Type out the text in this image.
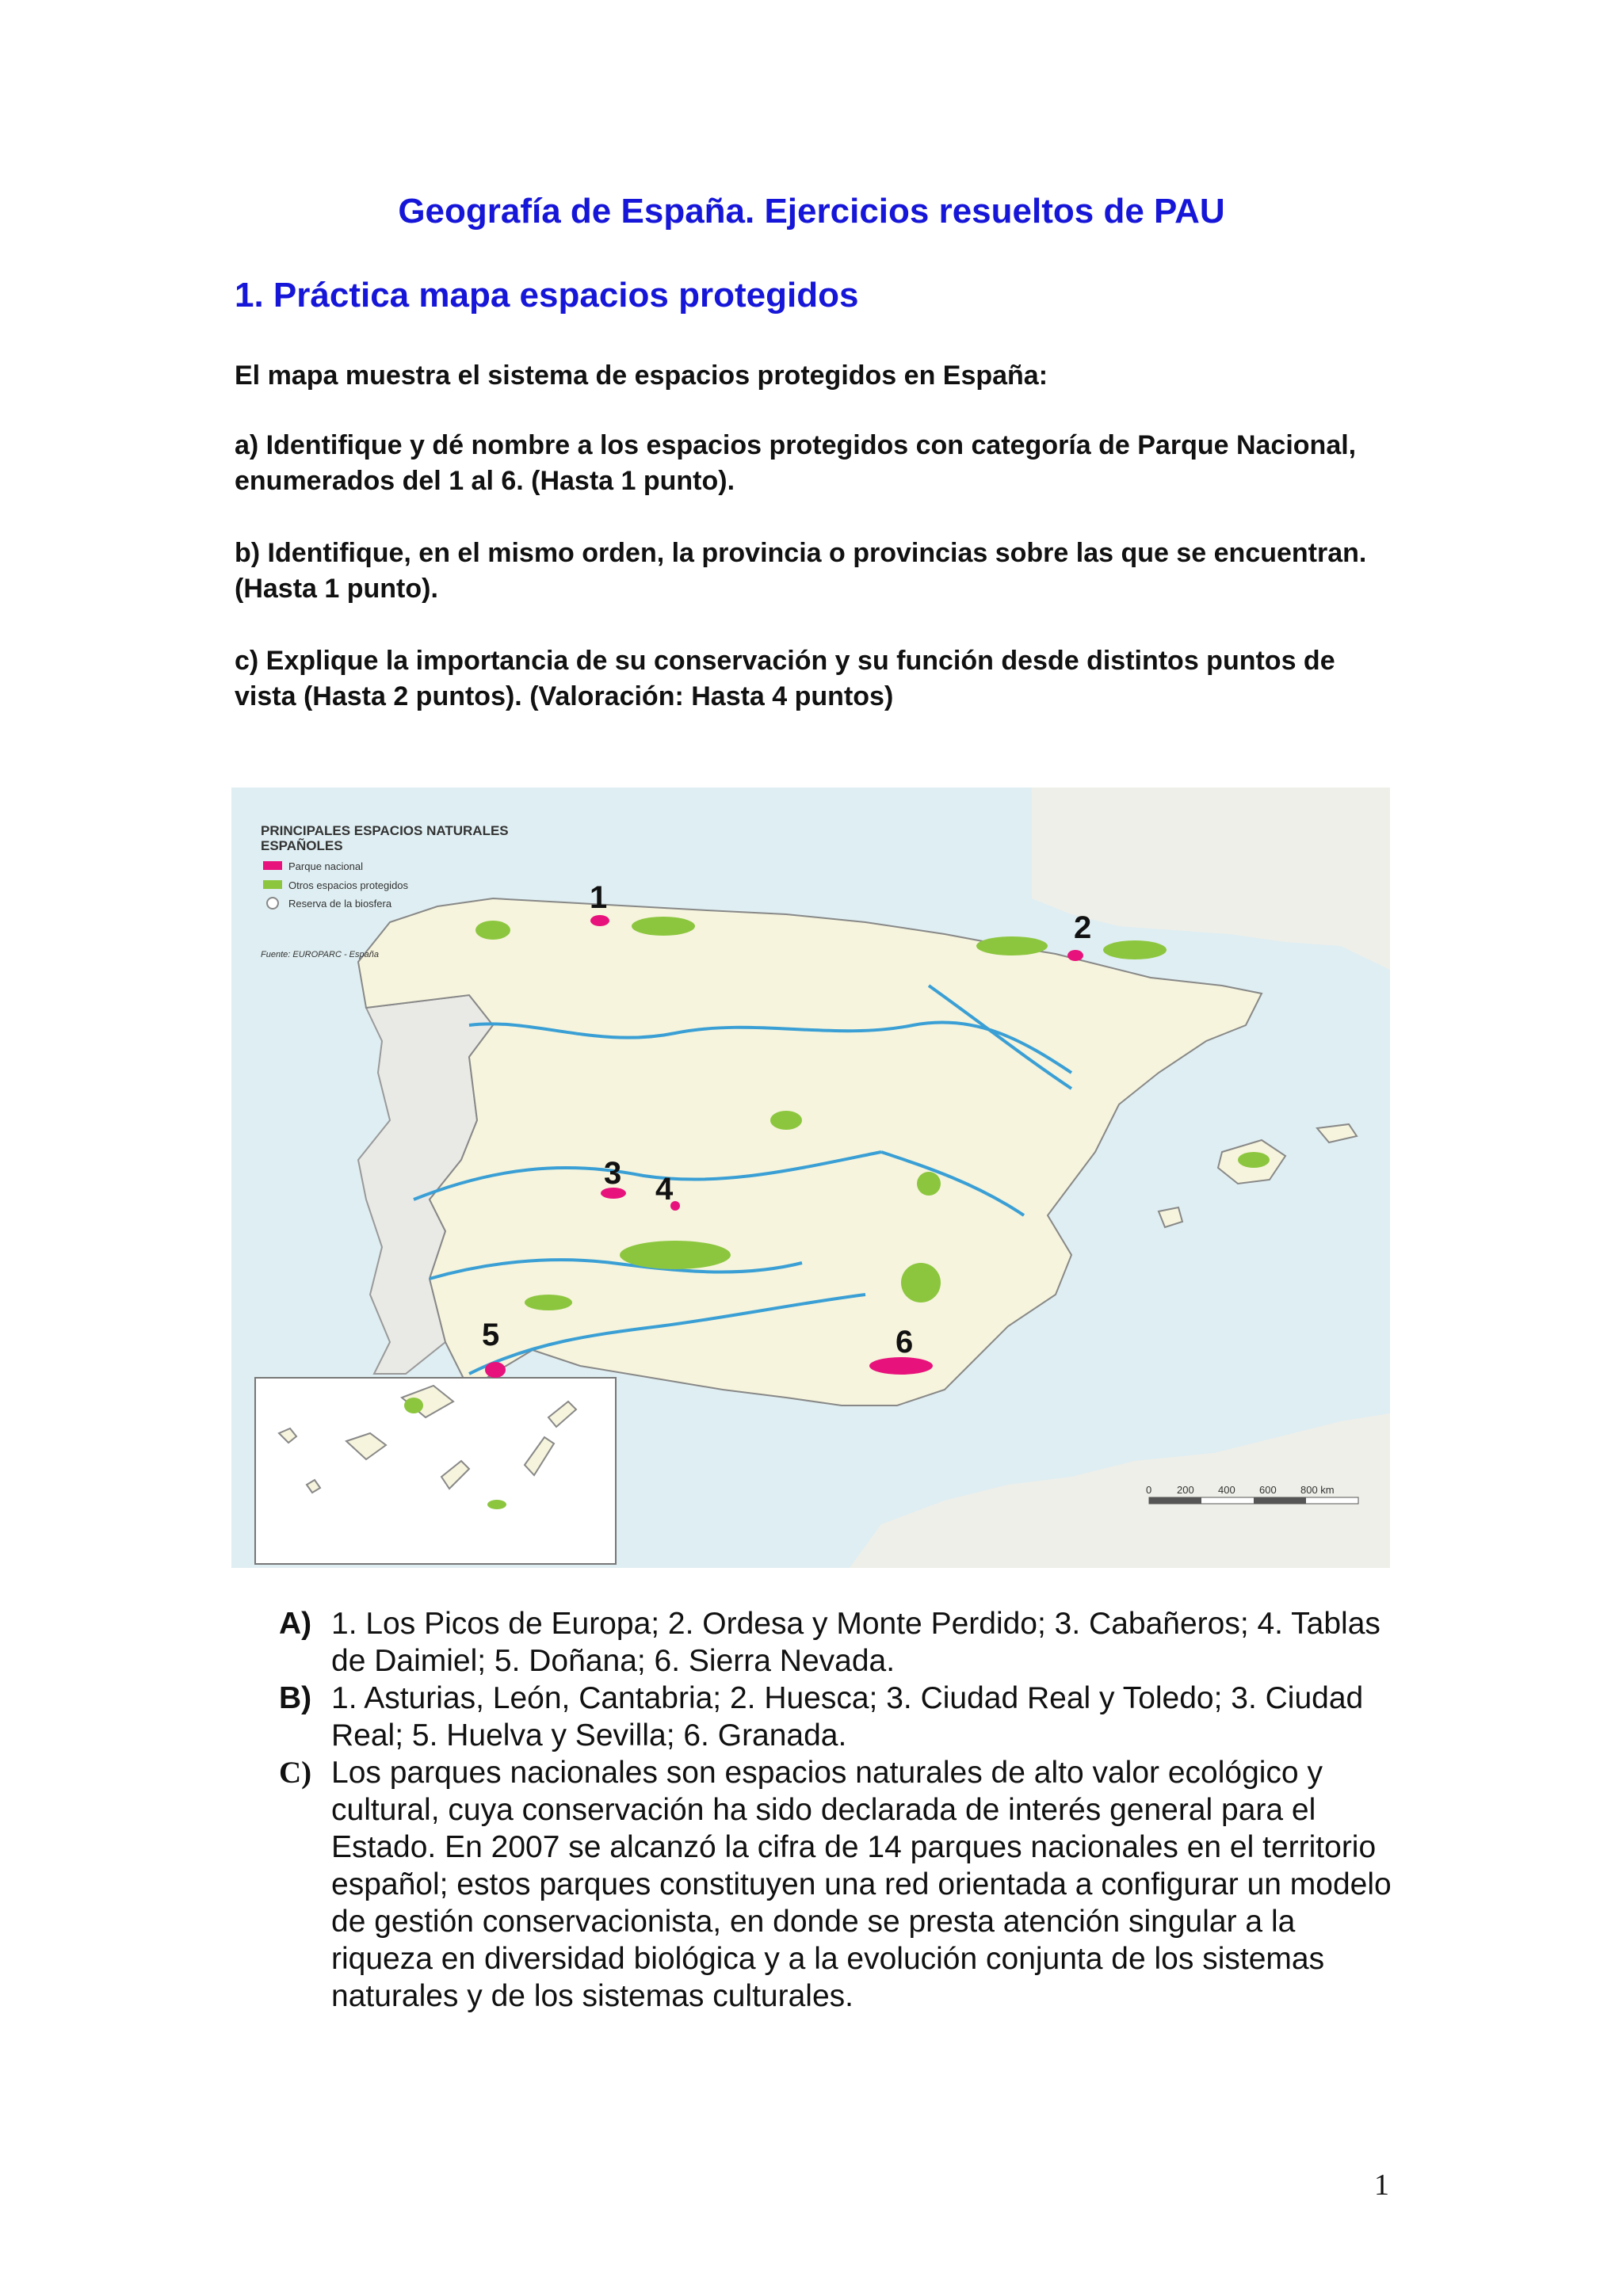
Geografía de España. Ejercicios resueltos de PAU
1. Práctica mapa espacios protegidos
El mapa muestra el sistema de espacios protegidos en España:
a) Identifique y dé nombre a los espacios protegidos con categoría de Parque Nacional, enumerados del 1 al 6. (Hasta 1 punto).
b) Identifique, en el mismo orden, la provincia o provincias sobre las que se encuentran. (Hasta 1 punto).
c) Explique la importancia de su conservación y su función desde distintos puntos de vista (Hasta 2 puntos). (Valoración: Hasta 4 puntos)
1
2
3 4
5	6
PRINCIPALES ESPACIOS NATURALES
ESPAÑOLES
Parque nacional
Otros espacios protegidos
Reserva de la biosfera
Fuente: EUROPARC - España
0 200 400 600 800 km
A) 1. Los Picos de Europa; 2. Ordesa y Monte Perdido; 3. Cabañeros; 4. Tablas de Daimiel; 5. Doñana; 6. Sierra Nevada.
B) 1. Asturias, León, Cantabria; 2. Huesca; 3. Ciudad Real y Toledo; 3. Ciudad Real; 5. Huelva y Sevilla; 6. Granada.
C) Los parques nacionales son espacios naturales de alto valor ecológico y cultural, cuya conservación ha sido declarada de interés general para el Estado. En 2007 se alcanzó la cifra de 14 parques nacionales en el territorio español; estos parques constituyen una red orientada a configurar un modelo de gestión conservacionista, en donde se presta atención singular a la riqueza en diversidad biológica y a la evolución conjunta de los sistemas naturales y de los sistemas culturales.
1
